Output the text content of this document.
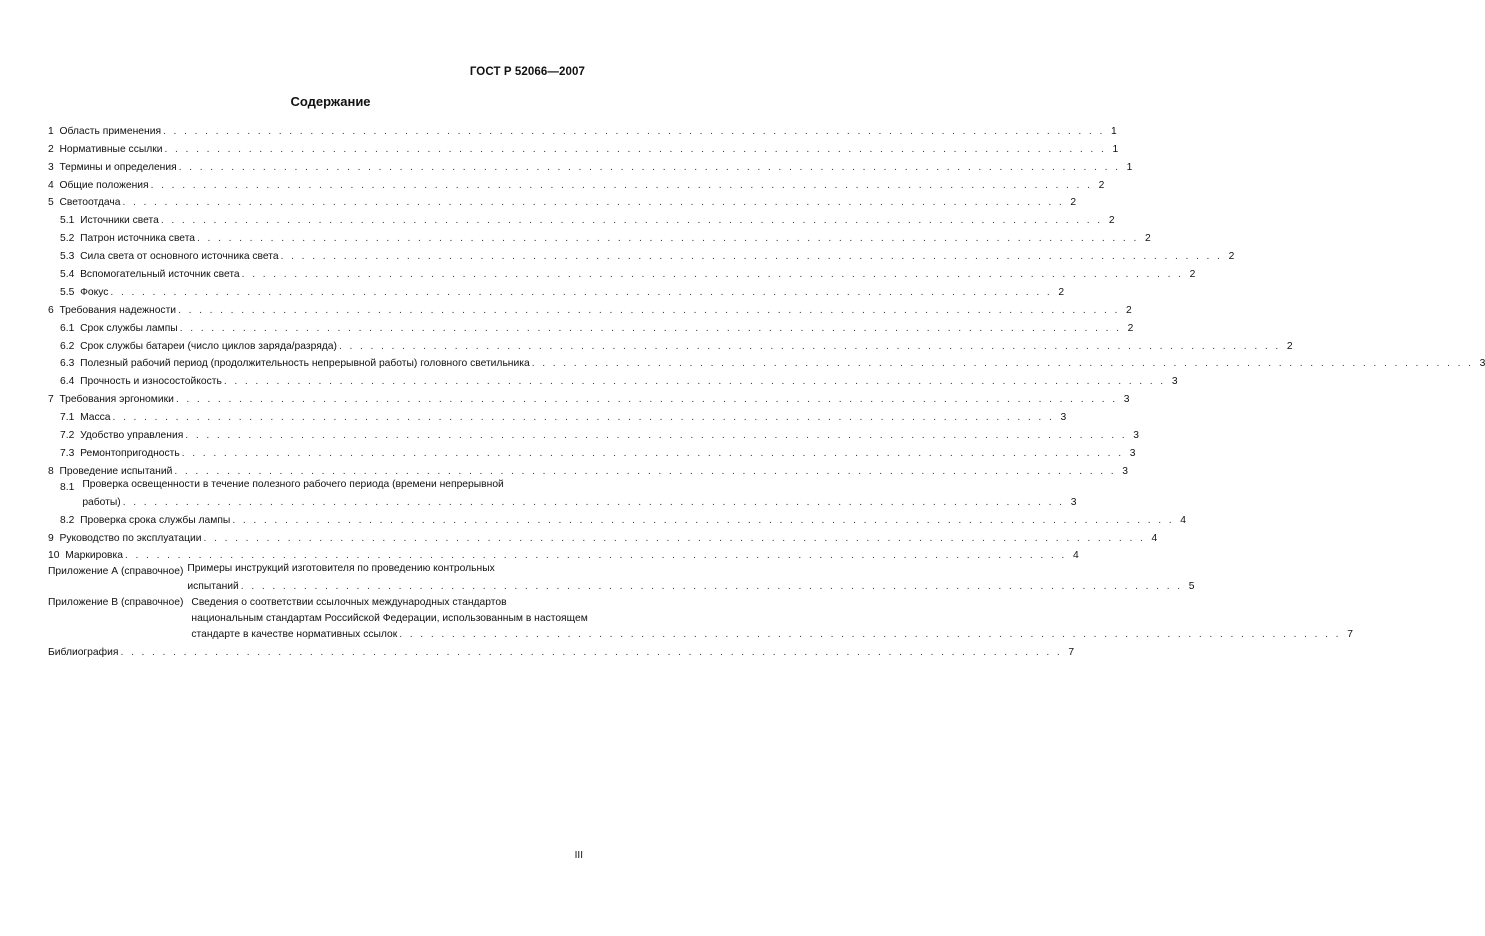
ГОСТ Р 52066—2007
Содержание
1 Область применения . . .	1
2 Нормативные ссылки . . .	1
3 Термины и определения . . .	1
4 Общие положения . . .	2
5 Светоотдача . . .	2
5.1 Источники света . . .	2
5.2 Патрон источника света . . .	2
5.3 Сила света от основного источника света . . .	2
5.4 Вспомогательный источник света . . .	2
5.5 Фокус . . .	2
6 Требования надежности . . .	2
6.1 Срок службы лампы . . .	2
6.2 Срок службы батареи (число циклов заряда/разряда) . . .	2
6.3 Полезный рабочий период (продолжительность непрерывной работы) головного светильника . . .	3
6.4 Прочность и износостойкость . . .	3
7 Требования эргономики . . .	3
7.1 Масса . . .	3
7.2 Удобство управления . . .	3
7.3 Ремонтопригодность . . .	3
8 Проведение испытаний . . .	3
8.1 Проверка освещенности в течение полезного рабочего периода (времени непрерывной
работы) . . .	3
8.2 Проверка срока службы лампы . . .	4
9 Руководство по эксплуатации . . .	4
10 Маркировка . . .	4
Приложение А (справочное) Примеры инструкций изготовителя по проведению контрольных
испытаний . . .	5
Приложение В (справочное) Сведения о соответствии ссылочных международных стандартов
национальным стандартам Российской Федерации, использованным в настоящем
стандарте в качестве нормативных ссылок . . .	7
Библиография . . .	7
III
